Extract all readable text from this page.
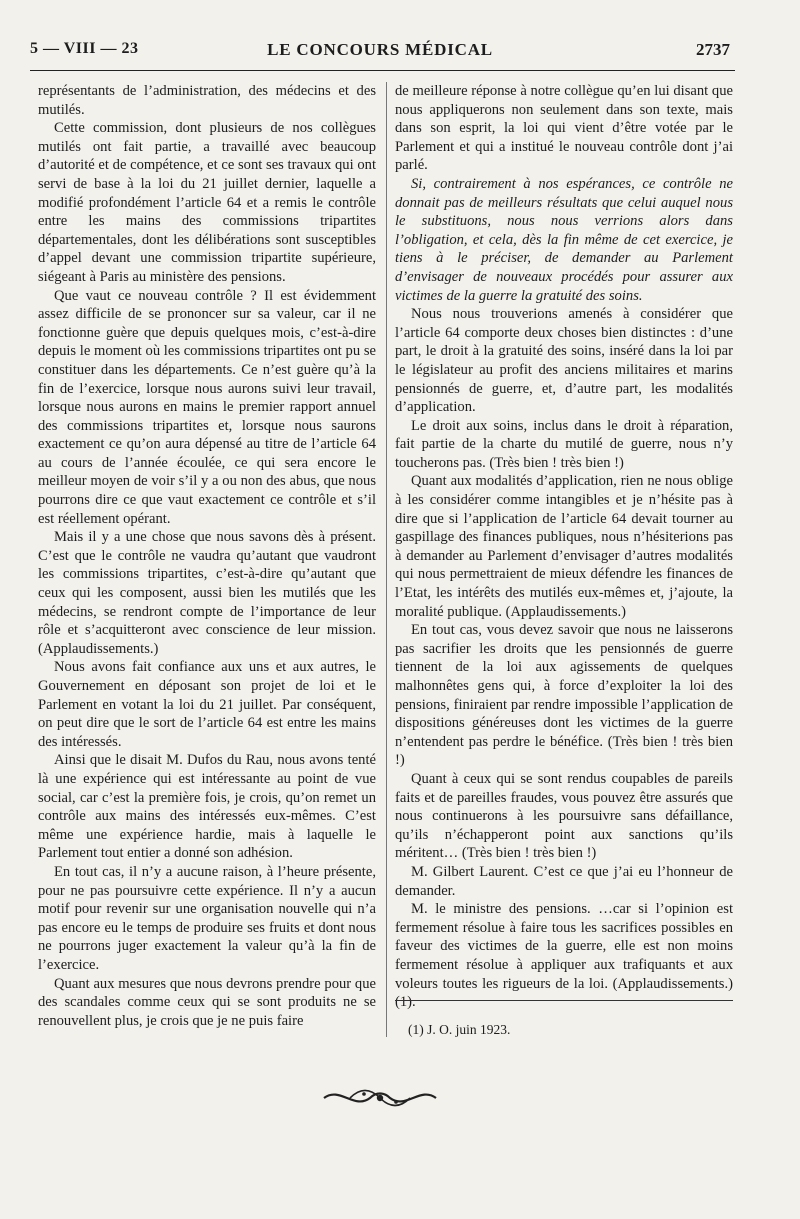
LE CONCOURS MÉDICAL
5 — VIII — 23	2737

représentants de l’administration, des médecins et des mutilés.

Cette commission, dont plusieurs de nos collègues mutilés ont fait partie, a travaillé avec beaucoup d’autorité et de compétence, et ce sont ses travaux qui ont servi de base à la loi du 21 juillet dernier, laquelle a modifié profondément l’article 64 et a remis le contrôle entre les mains des commissions tripartites départementales, dont les délibérations sont susceptibles d’appel devant une commission tripartite supérieure, siégeant à Paris au ministère des pensions.

Que vaut ce nouveau contrôle ? Il est évidemment assez difficile de se prononcer sur sa valeur, car il ne fonctionne guère que depuis quelques mois, c’est-à-dire depuis le moment où les commissions tripartites ont pu se constituer dans les départements. Ce n’est guère qu’à la fin de l’exercice, lorsque nous aurons suivi leur travail, lorsque nous aurons en mains le premier rapport annuel des commissions tripartites et, lorsque nous saurons exactement ce qu’on aura dépensé au titre de l’article 64 au cours de l’année écoulée, ce qui sera encore le meilleur moyen de voir s’il y a ou non des abus, que nous pourrons dire ce que vaut exactement ce contrôle et s’il est réellement opérant.

Mais il y a une chose que nous savons dès à présent. C’est que le contrôle ne vaudra qu’autant que vaudront les commissions tripartites, c’est-à-dire qu’autant que ceux qui les composent, aussi bien les mutilés que les médecins, se rendront compte de l’importance de leur rôle et s’acquitteront avec conscience de leur mission. (Applaudissements.)

Nous avons fait confiance aux uns et aux autres, le Gouvernement en déposant son projet de loi et le Parlement en votant la loi du 21 juillet. Par conséquent, on peut dire que le sort de l’article 64 est entre les mains des intéressés.

Ainsi que le disait M. Dufos du Rau, nous avons tenté là une expérience qui est intéressante au point de vue social, car c’est la première fois, je crois, qu’on remet un contrôle aux mains des intéressés eux-mêmes. C’est même une expérience hardie, mais à laquelle le Parlement tout entier a donné son adhésion.

En tout cas, il n’y a aucune raison, à l’heure présente, pour ne pas poursuivre cette expérience. Il n’y a aucun motif pour revenir sur une organisation nouvelle qui n’a pas encore eu le temps de produire ses fruits et dont nous ne pourrons juger exactement la valeur qu’à la fin de l’exercice.

Quant aux mesures que nous devrons prendre pour que des scandales comme ceux qui se sont produits ne se renouvellent plus, je crois que je ne puis faire

de meilleure réponse à notre collègue qu’en lui disant que nous appliquerons non seulement dans son texte, mais dans son esprit, la loi qui vient d’être votée par le Parlement et qui a institué le nouveau contrôle dont j’ai parlé.

Si, contrairement à nos espérances, ce contrôle ne donnait pas de meilleurs résultats que celui auquel nous le substituons, nous nous verrions alors dans l’obligation, et cela, dès la fin même de cet exercice, je tiens à le préciser, de demander au Parlement d’envisager de nouveaux procédés pour assurer aux victimes de la guerre la gratuité des soins.

Nous nous trouverions amenés à considérer que l’article 64 comporte deux choses bien distinctes : d’une part, le droit à la gratuité des soins, inséré dans la loi par le législateur au profit des anciens militaires et marins pensionnés de guerre, et, d’autre part, les modalités d’application.

Le droit aux soins, inclus dans le droit à réparation, fait partie de la charte du mutilé de guerre, nous n’y toucherons pas. (Très bien ! très bien !)

Quant aux modalités d’application, rien ne nous oblige à les considérer comme intangibles et je n’hésite pas à dire que si l’application de l’article 64 devait tourner au gaspillage des finances publiques, nous n’hésiterions pas à demander au Parlement d’envisager d’autres modalités qui nous permettraient de mieux défendre les finances de l’Etat, les intérêts des mutilés eux-mêmes et, j’ajoute, la moralité publique. (Applaudissements.)

En tout cas, vous devez savoir que nous ne laisserons pas sacrifier les droits que les pensionnés de guerre tiennent de la loi aux agissements de quelques malhonnêtes gens qui, à force d’exploiter la loi des pensions, finiraient par rendre impossible l’application de dispositions généreuses dont les victimes de la guerre n’entendent pas perdre le bénéfice. (Très bien ! très bien !)

Quant à ceux qui se sont rendus coupables de pareils faits et de pareilles fraudes, vous pouvez être assurés que nous continuerons à les poursuivre sans défaillance, qu’ils n’échapperont point aux sanctions qu’ils méritent… (Très bien ! très bien !)

M. Gilbert Laurent. C’est ce que j’ai eu l’honneur de demander.

M. le ministre des pensions. …car si l’opinion est fermement résolue à faire tous les sacrifices possibles en faveur des victimes de la guerre, elle est non moins fermement résolue à appliquer aux trafiquants et aux voleurs toutes les rigueurs de la loi. (Applaudissements.) (1).

(1) J. O. juin 1923.
